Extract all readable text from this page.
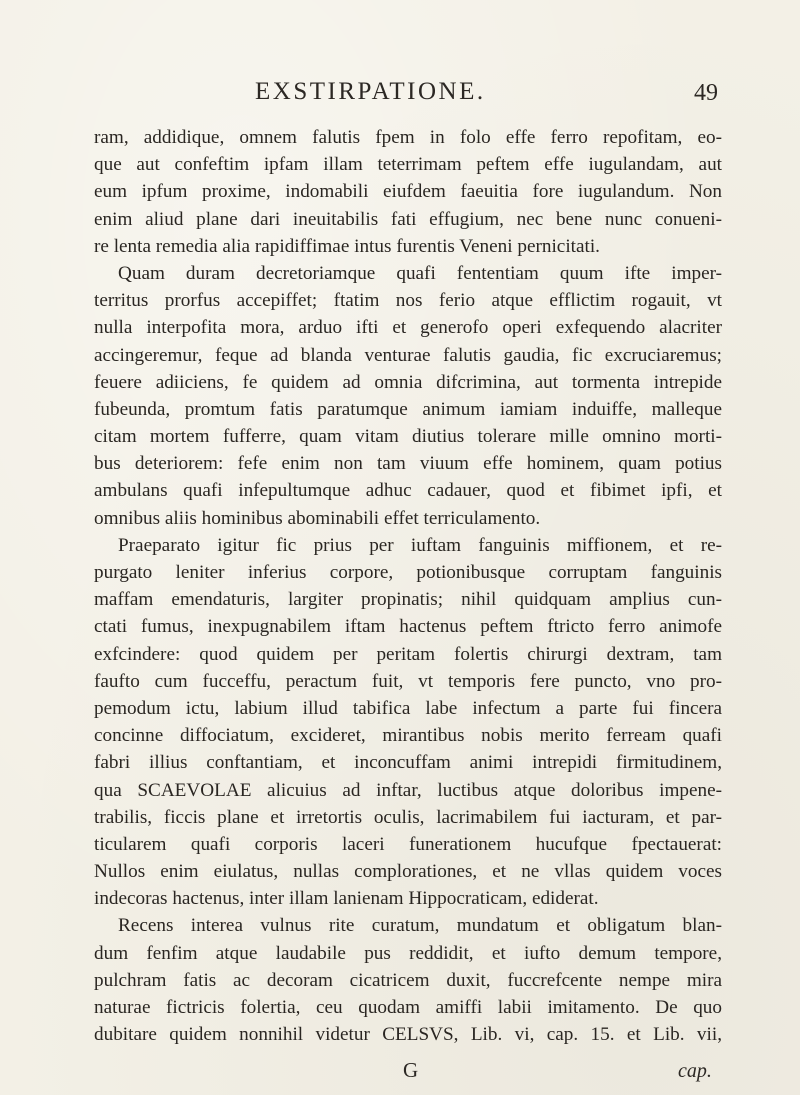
EXSTIRPATIONE.	49
ram, addidique, omnem falutis fpem in folo effe ferro repofitam, eo-
que aut confeftim ipfam illam teterrimam peftem effe iugulandam, aut
eum ipfum proxime, indomabili eiufdem faeuitia fore iugulandum. Non
enim aliud plane dari ineuitabilis fati effugium, nec bene nunc conueni-
re lenta remedia alia rapidiffimae intus furentis Veneni pernicitati.
Quam duram decretoriamque quafi fententiam quum ifte imper-
territus prorfus accepiffet; ftatim nos ferio atque efflictim rogauit, vt
nulla interpofita mora, arduo ifti et generofo operi exfequendo alacriter
accingeremur, feque ad blanda venturae falutis gaudia, fic excruciaremus;
feuere adiiciens, fe quidem ad omnia difcrimina, aut tormenta intrepide
fubeunda, promtum fatis paratumque animum iamiam induiffe, malleque
citam mortem fufferre, quam vitam diutius tolerare mille omnino morti-
bus deteriorem: fefe enim non tam viuum effe hominem, quam potius
ambulans quafi infepultumque adhuc cadauer, quod et fibimet ipfi, et
omnibus aliis hominibus abominabili effet terriculamento.
Praeparato igitur fic prius per iuftam fanguinis miffionem, et re-
purgato leniter inferius corpore, potionibusque corruptam fanguinis
maffam emendaturis, largiter propinatis; nihil quidquam amplius cun-
ctati fumus, inexpugnabilem iftam hactenus peftem ftricto ferro animofe
exfcindere: quod quidem per peritam folertis chirurgi dextram, tam
faufto cum fucceffu, peractum fuit, vt temporis fere puncto, vno pro-
pemodum ictu, labium illud tabifica labe infectum a parte fui fincera
concinne diffociatum, excideret, mirantibus nobis merito ferream quafi
fabri illius conftantiam, et inconcuffam animi intrepidi firmitudinem,
qua SCAEVOLAE alicuius ad inftar, luctibus atque doloribus impene-
trabilis, ficcis plane et irretortis oculis, lacrimabilem fui iacturam, et par-
ticularem quafi corporis laceri funerationem hucufque fpectauerat:
Nullos enim eiulatus, nullas complorationes, et ne vllas quidem voces
indecoras hactenus, inter illam lanienam Hippocraticam, ediderat.
Recens interea vulnus rite curatum, mundatum et obligatum blan-
dum fenfim atque laudabile pus reddidit, et iufto demum tempore,
pulchram fatis ac decoram cicatricem duxit, fuccrefcente nempe mira
naturae fictricis folertia, ceu quodam amiffi labii imitamento. De quo
dubitare quidem nonnihil videtur CELSVS, Lib. vi, cap. 15. et Lib. vii,
G	cap.
